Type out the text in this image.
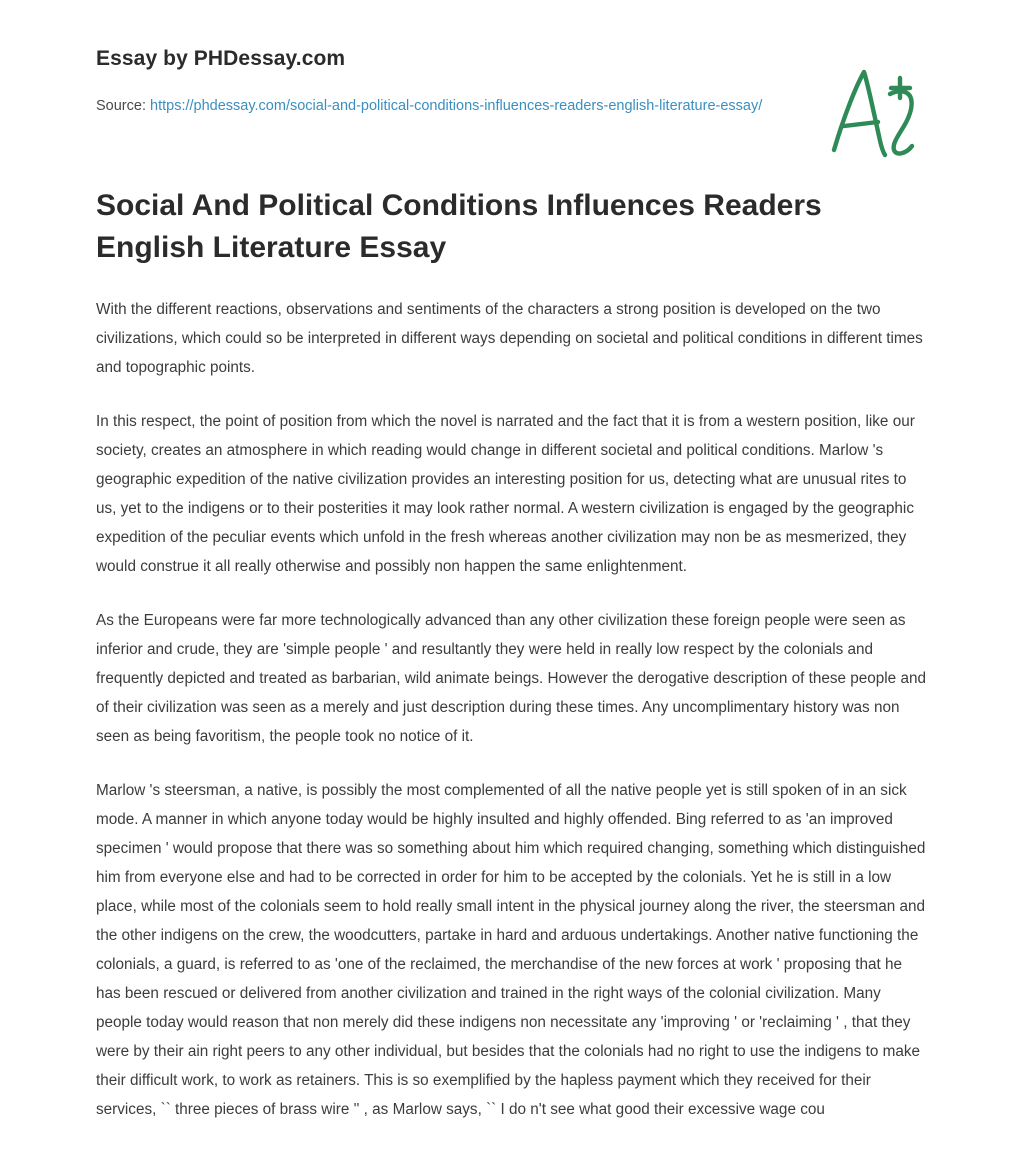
Essay by PHDessay.com
Source: https://phdessay.com/social-and-political-conditions-influences-readers-english-literature-essay/
Social And Political Conditions Influences Readers English Literature Essay

With the different reactions, observations and sentiments of the characters a strong position is developed on the two civilizations, which could so be interpreted in different ways depending on societal and political conditions in different times and topographic points.

In this respect, the point of position from which the novel is narrated and the fact that it is from a western position, like our society, creates an atmosphere in which reading would change in different societal and political conditions. Marlow 's geographic expedition of the native civilization provides an interesting position for us, detecting what are unusual rites to us, yet to the indigens or to their posterities it may look rather normal. A western civilization is engaged by the geographic expedition of the peculiar events which unfold in the fresh whereas another civilization may non be as mesmerized, they would construe it all really otherwise and possibly non happen the same enlightenment.

As the Europeans were far more technologically advanced than any other civilization these foreign people were seen as inferior and crude, they are 'simple people ' and resultantly they were held in really low respect by the colonials and frequently depicted and treated as barbarian, wild animate beings. However the derogative description of these people and of their civilization was seen as a merely and just description during these times. Any uncomplimentary history was non seen as being favoritism, the people took no notice of it.

Marlow 's steersman, a native, is possibly the most complemented of all the native people yet is still spoken of in an sick mode. A manner in which anyone today would be highly insulted and highly offended. Bing referred to as 'an improved specimen ' would propose that there was so something about him which required changing, something which distinguished him from everyone else and had to be corrected in order for him to be accepted by the colonials. Yet he is still in a low place, while most of the colonials seem to hold really small intent in the physical journey along the river, the steersman and the other indigens on the crew, the woodcutters, partake in hard and arduous undertakings. Another native functioning the colonials, a guard, is referred to as 'one of the reclaimed, the merchandise of the new forces at work ' proposing that he has been rescued or delivered from another civilization and trained in the right ways of the colonial civilization. Many people today would reason that non merely did these indigens non necessitate any 'improving ' or 'reclaiming ' , that they were by their ain right peers to any other individual, but besides that the colonials had no right to use the indigens to make their difficult work, to work as retainers. This is so exemplified by the hapless payment which they received for their services, `` three pieces of brass wire '' , as Marlow says, `` I do n't see what good their excessive wage cou
